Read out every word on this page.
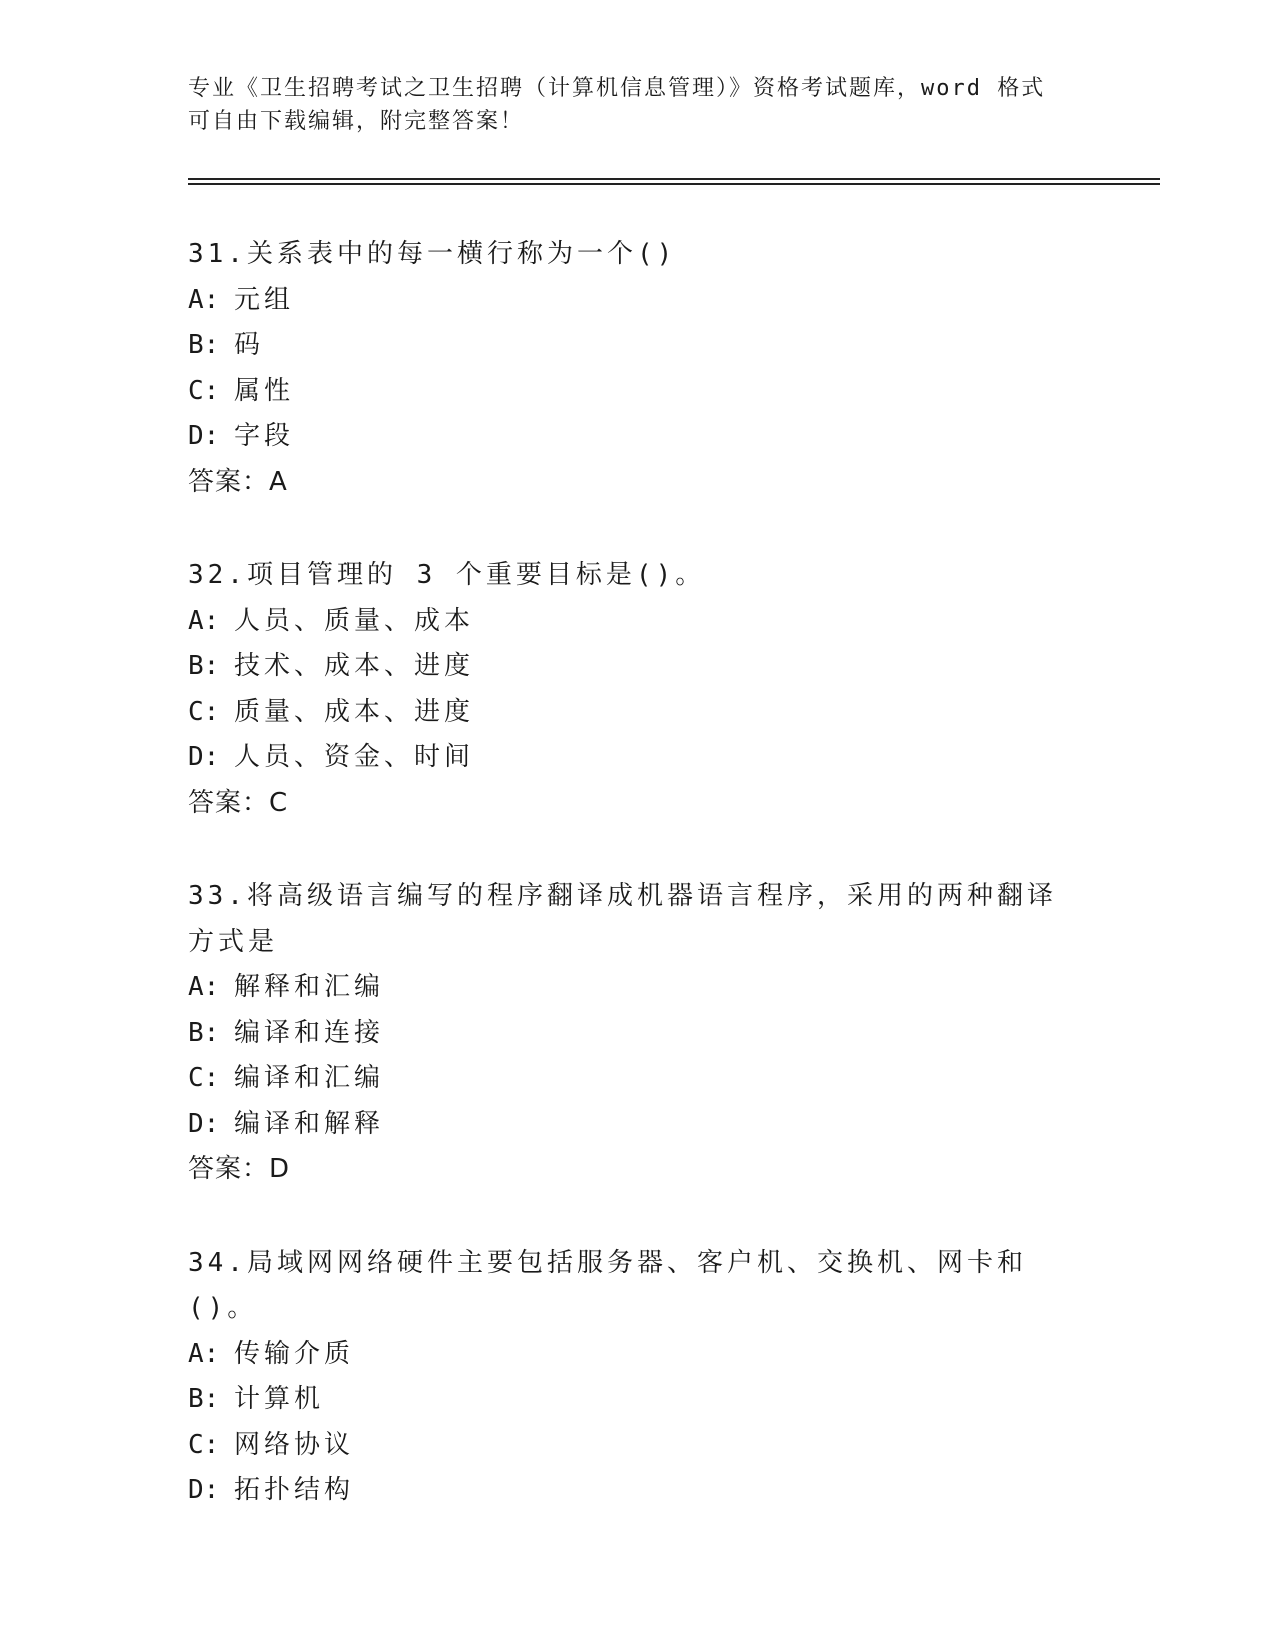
专业《卫生招聘考试之卫生招聘（计算机信息管理）》资格考试题库，word 格式
可自由下载编辑，附完整答案！
31.关系表中的每一横行称为一个()
A: 元组
B: 码
C: 属性
D: 字段
答案：A
32.项目管理的 3 个重要目标是()。
A: 人员、质量、成本
B: 技术、成本、进度
C: 质量、成本、进度
D: 人员、资金、时间
答案：C
33.将高级语言编写的程序翻译成机器语言程序，采用的两种翻译方式是
A: 解释和汇编
B: 编译和连接
C: 编译和汇编
D: 编译和解释
答案：D
34.局域网网络硬件主要包括服务器、客户机、交换机、网卡和()。
A: 传输介质
B: 计算机
C: 网络协议
D: 拓扑结构
